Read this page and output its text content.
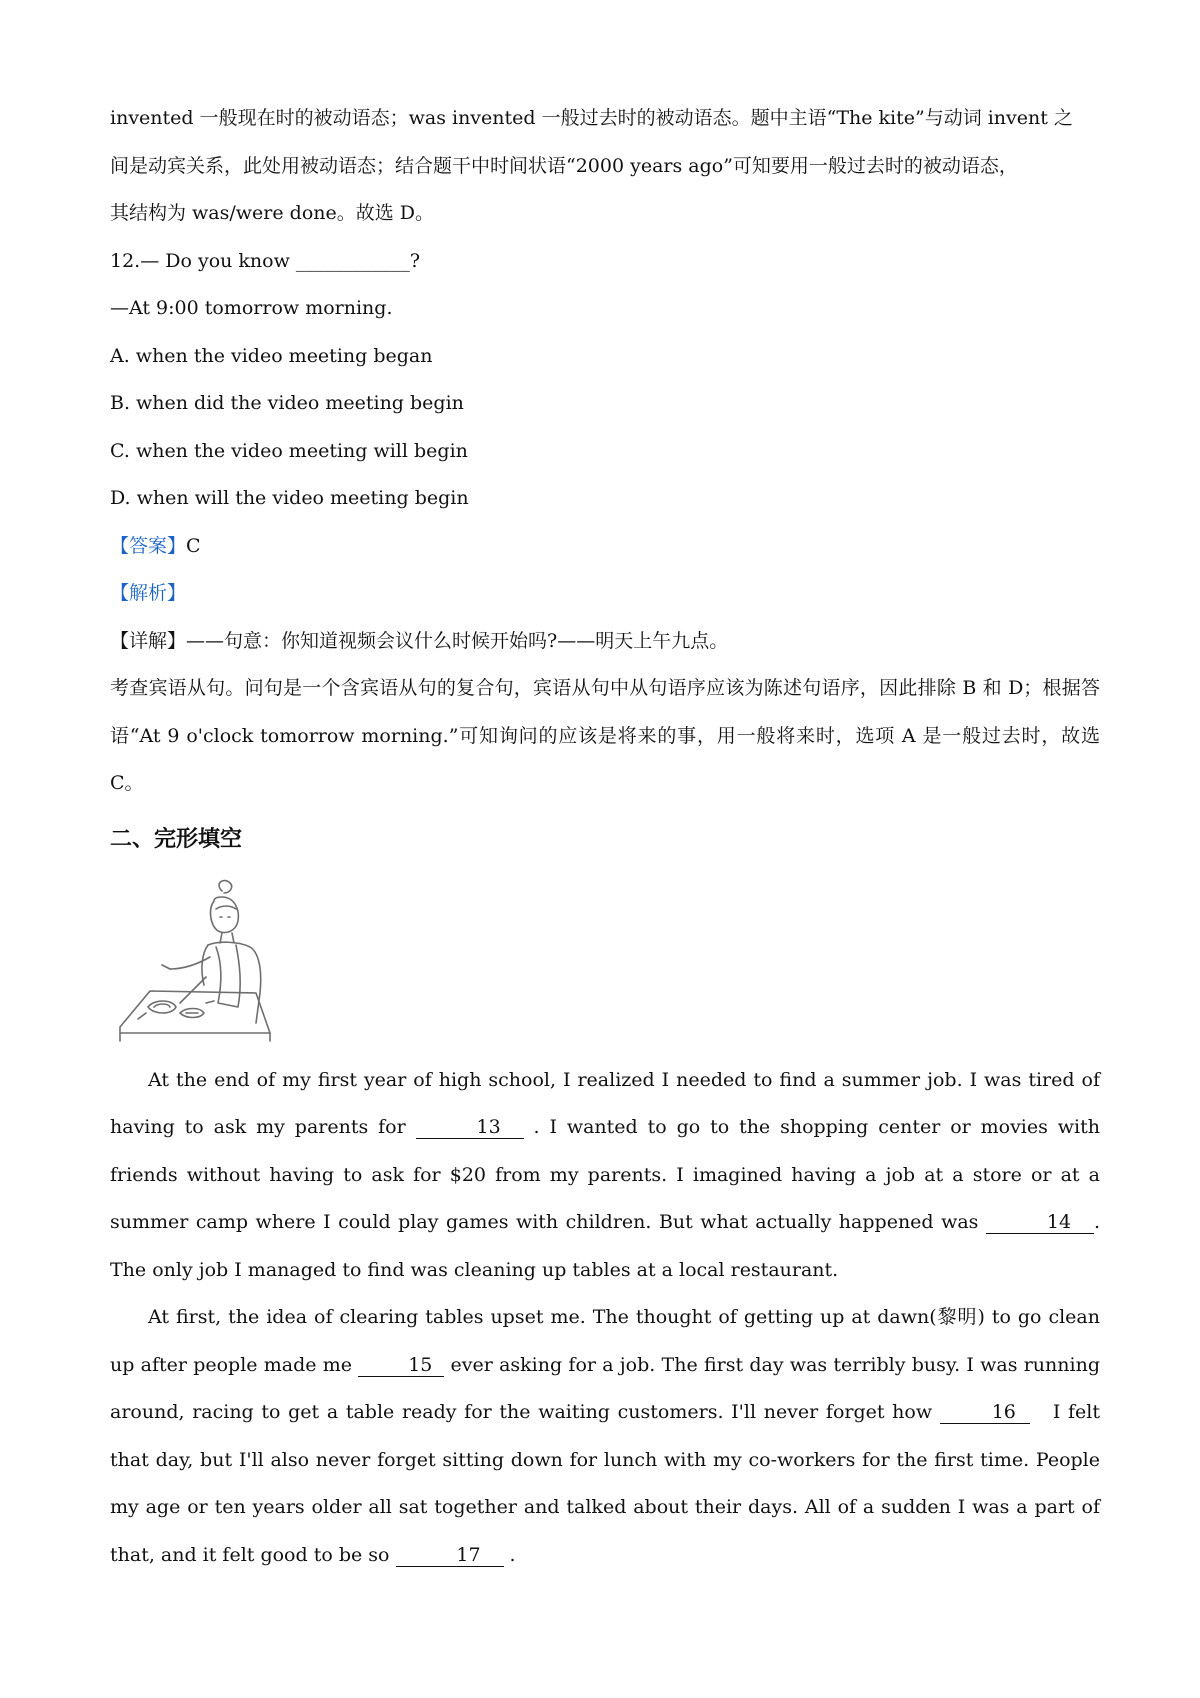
invented 一般现在时的被动语态；was invented 一般过去时的被动语态。题中主语“The kite”与动词 invent 之
间是动宾关系，此处用被动语态；结合题干中时间状语“2000 years ago”可知要用一般过去时的被动语态，
其结构为 was/were done。故选 D。
12.— Do you know ____________?
—At 9:00 tomorrow morning.
A. when the video meeting began
B. when did the video meeting begin
C. when the video meeting will begin
D. when will the video meeting begin
【答案】C
【解析】
【详解】——句意：你知道视频会议什么时候开始吗?——明天上午九点。
考查宾语从句。问句是一个含宾语从句的复合句，宾语从句中从句语序应该为陈述句语序，因此排除 B 和 D；根据答语“At 9 o'clock tomorrow morning.”可知询问的应该是将来的事，用一般将来时，选项 A 是一般过去时，故选 C。
二、完形填空
At the end of my first year of high school, I realized I needed to find a summer job. I was tired of having to ask my parents for	13 . I wanted to go to the shopping center or movies with friends without having to ask for $20 from my parents. I imagined having a job at a store or at a summer camp where I could play games with children. But what actually happened was	14 . The only job I managed to find was cleaning up tables at a local restaurant.
At first, the idea of clearing tables upset me. The thought of getting up at dawn(黎明) to go clean up after people made me	15 ever asking for a job. The first day was terribly busy. I was running around, racing to get a table ready for the waiting customers. I'll never forget how	16 I felt that day, but I'll also never forget sitting down for lunch with my co-workers for the first time. People my age or ten years older all sat together and talked about their days. All of a sudden I was a part of that, and it felt good to be so	17 .
